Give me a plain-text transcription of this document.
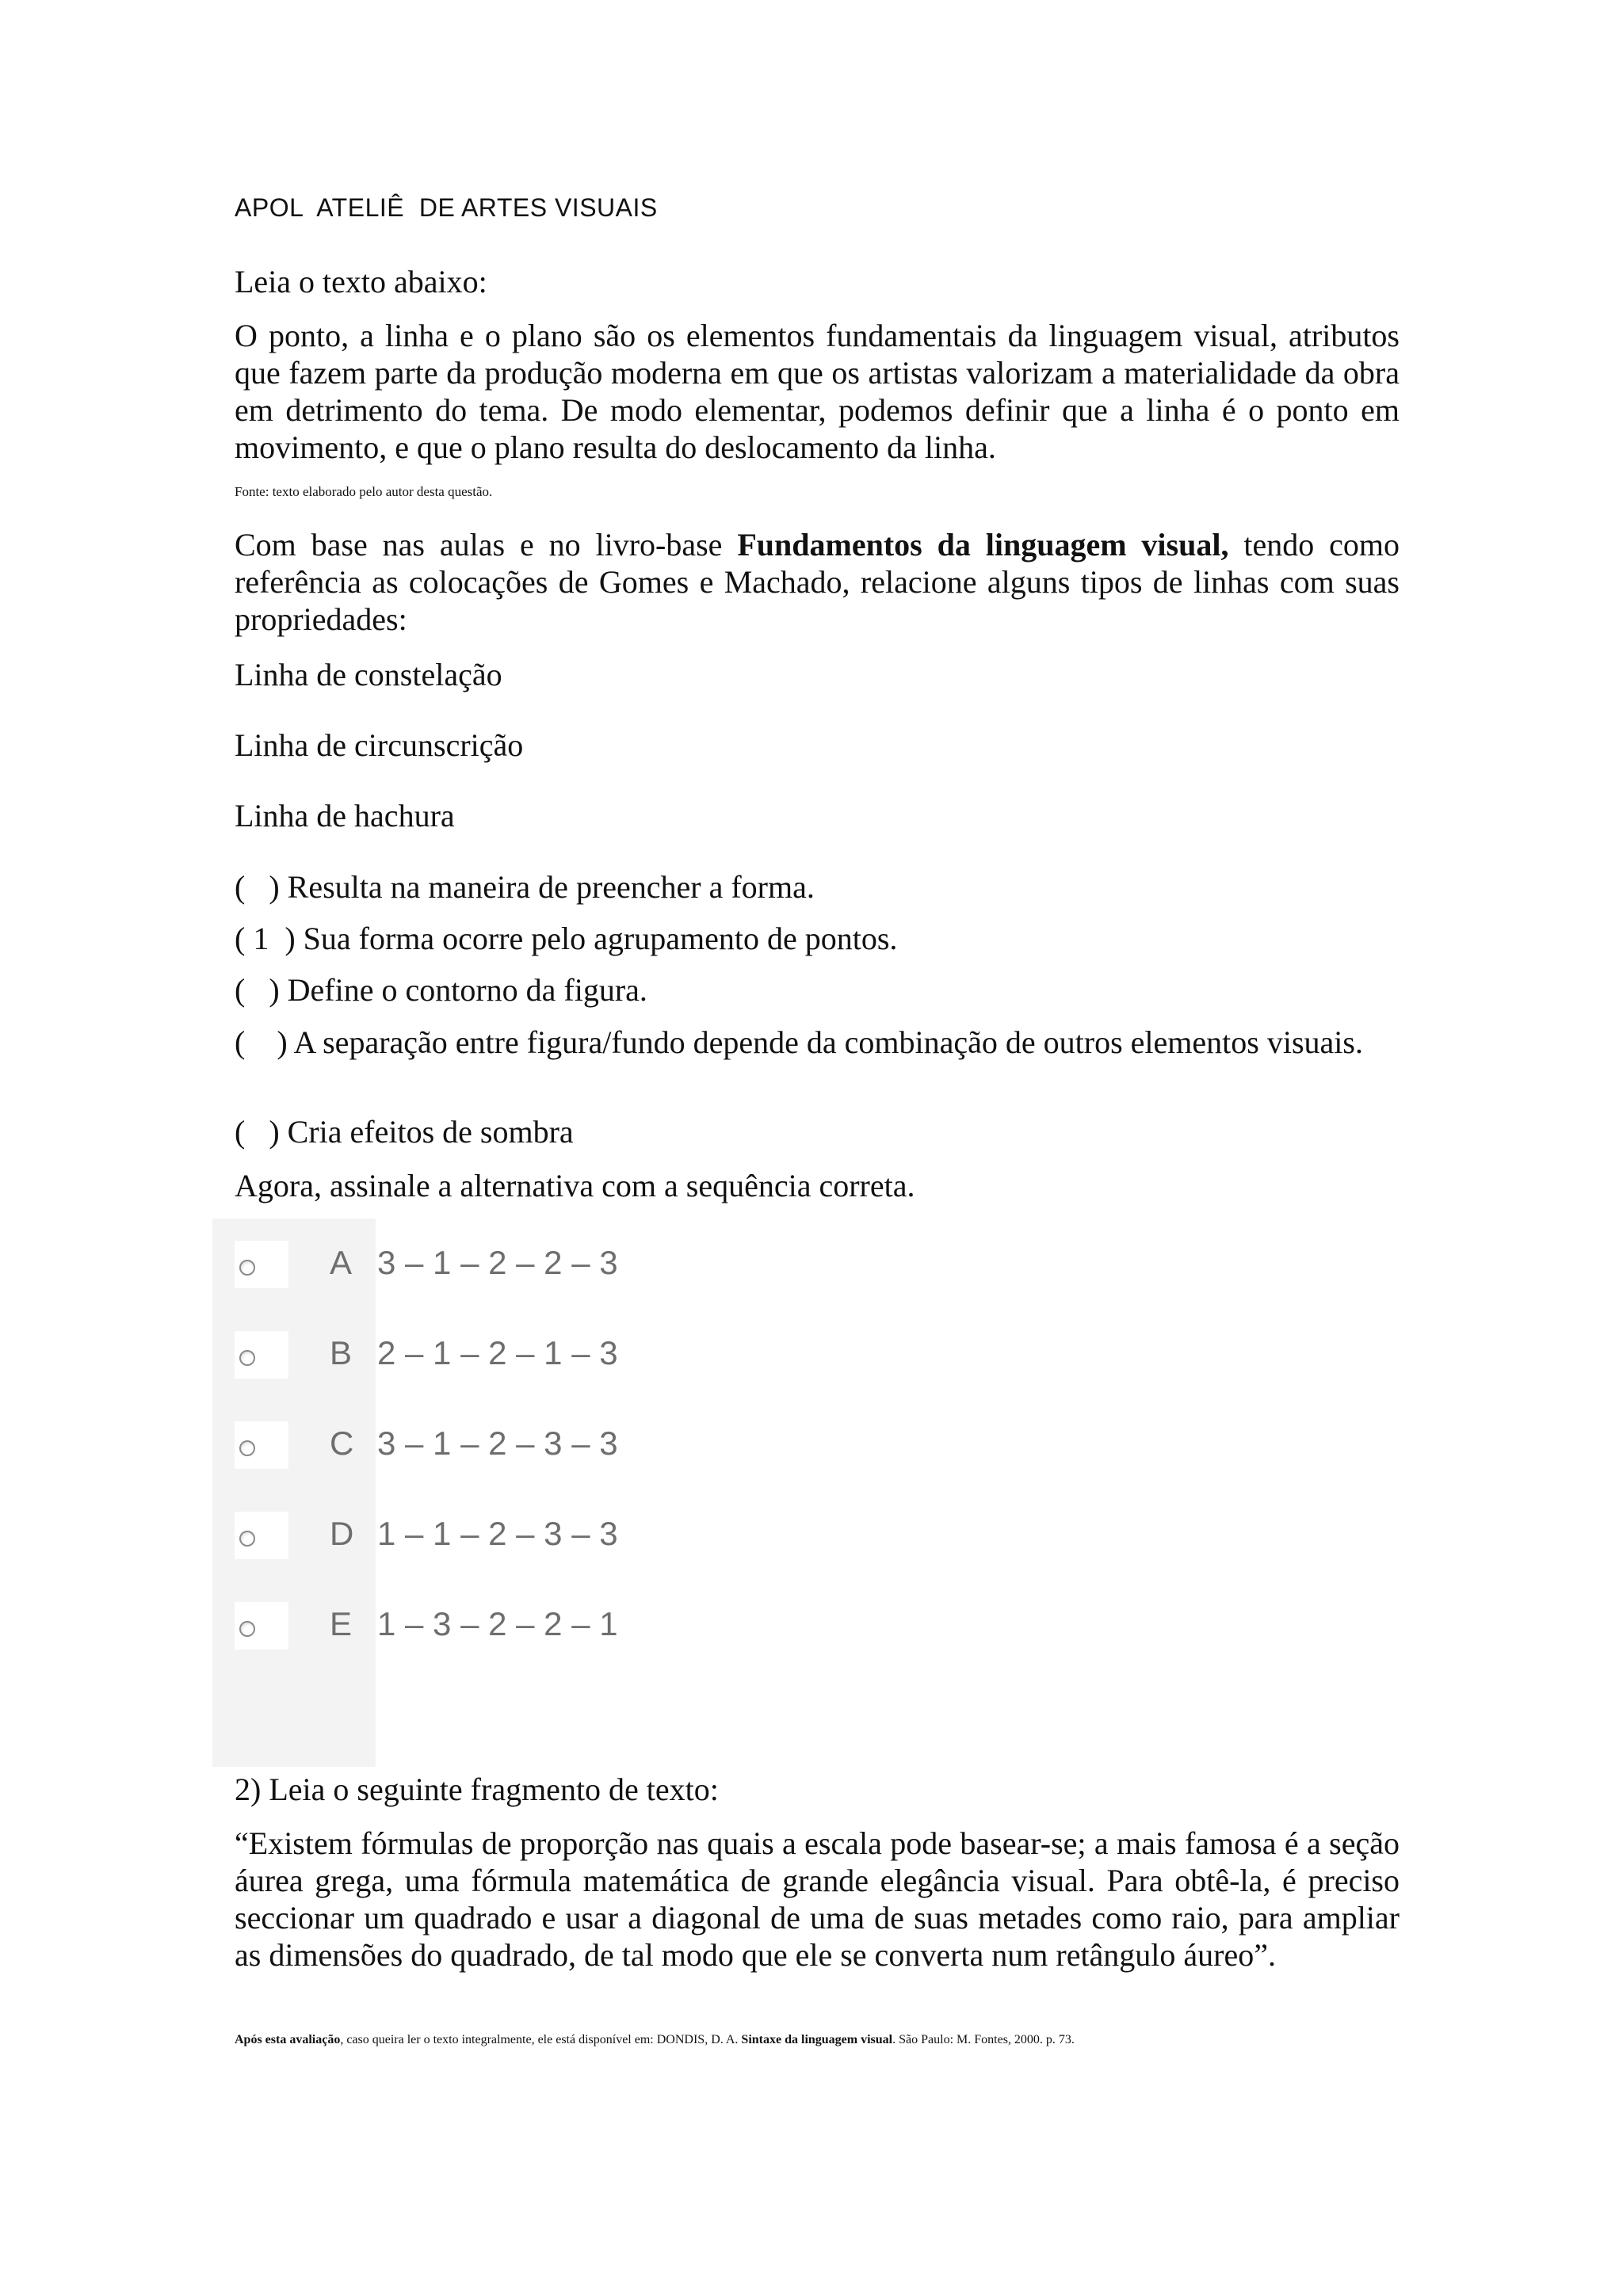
APOL  ATELIÊ  DE ARTES VISUAIS

Leia o texto abaixo:

O ponto, a linha e o plano são os elementos fundamentais da linguagem visual, atributos que fazem parte da produção moderna em que os artistas valorizam a materialidade da obra em detrimento do tema. De modo elementar, podemos definir que a linha é o ponto em movimento, e que o plano resulta do deslocamento da linha.

Fonte: texto elaborado pelo autor desta questão.

Com base nas aulas e no livro-base Fundamentos da linguagem visual, tendo como referência as colocações de Gomes e Machado, relacione alguns tipos de linhas com suas propriedades:

Linha de constelação

Linha de circunscrição

Linha de hachura

(   ) Resulta na maneira de preencher a forma.

( 1  ) Sua forma ocorre pelo agrupamento de pontos.

(   ) Define o contorno da figura.

(    ) A separação entre figura/fundo depende da combinação de outros elementos visuais.

(   ) Cria efeitos de sombra

Agora, assinale a alternativa com a sequência correta.

A 3 – 1 – 2 – 2 – 3
B 2 – 1 – 2 – 1 – 3
C 3 – 1 – 2 – 3 – 3
D 1 – 1 – 2 – 3 – 3
E 1 – 3 – 2 – 2 – 1

2) Leia o seguinte fragmento de texto:

“Existem fórmulas de proporção nas quais a escala pode basear-se; a mais famosa é a seção áurea grega, uma fórmula matemática de grande elegância visual. Para obtê-la, é preciso seccionar um quadrado e usar a diagonal de uma de suas metades como raio, para ampliar as dimensões do quadrado, de tal modo que ele se converta num retângulo áureo”.

Após esta avaliação, caso queira ler o texto integralmente, ele está disponível em: DONDIS, D. A. Sintaxe da linguagem visual. São Paulo: M. Fontes, 2000. p. 73.
